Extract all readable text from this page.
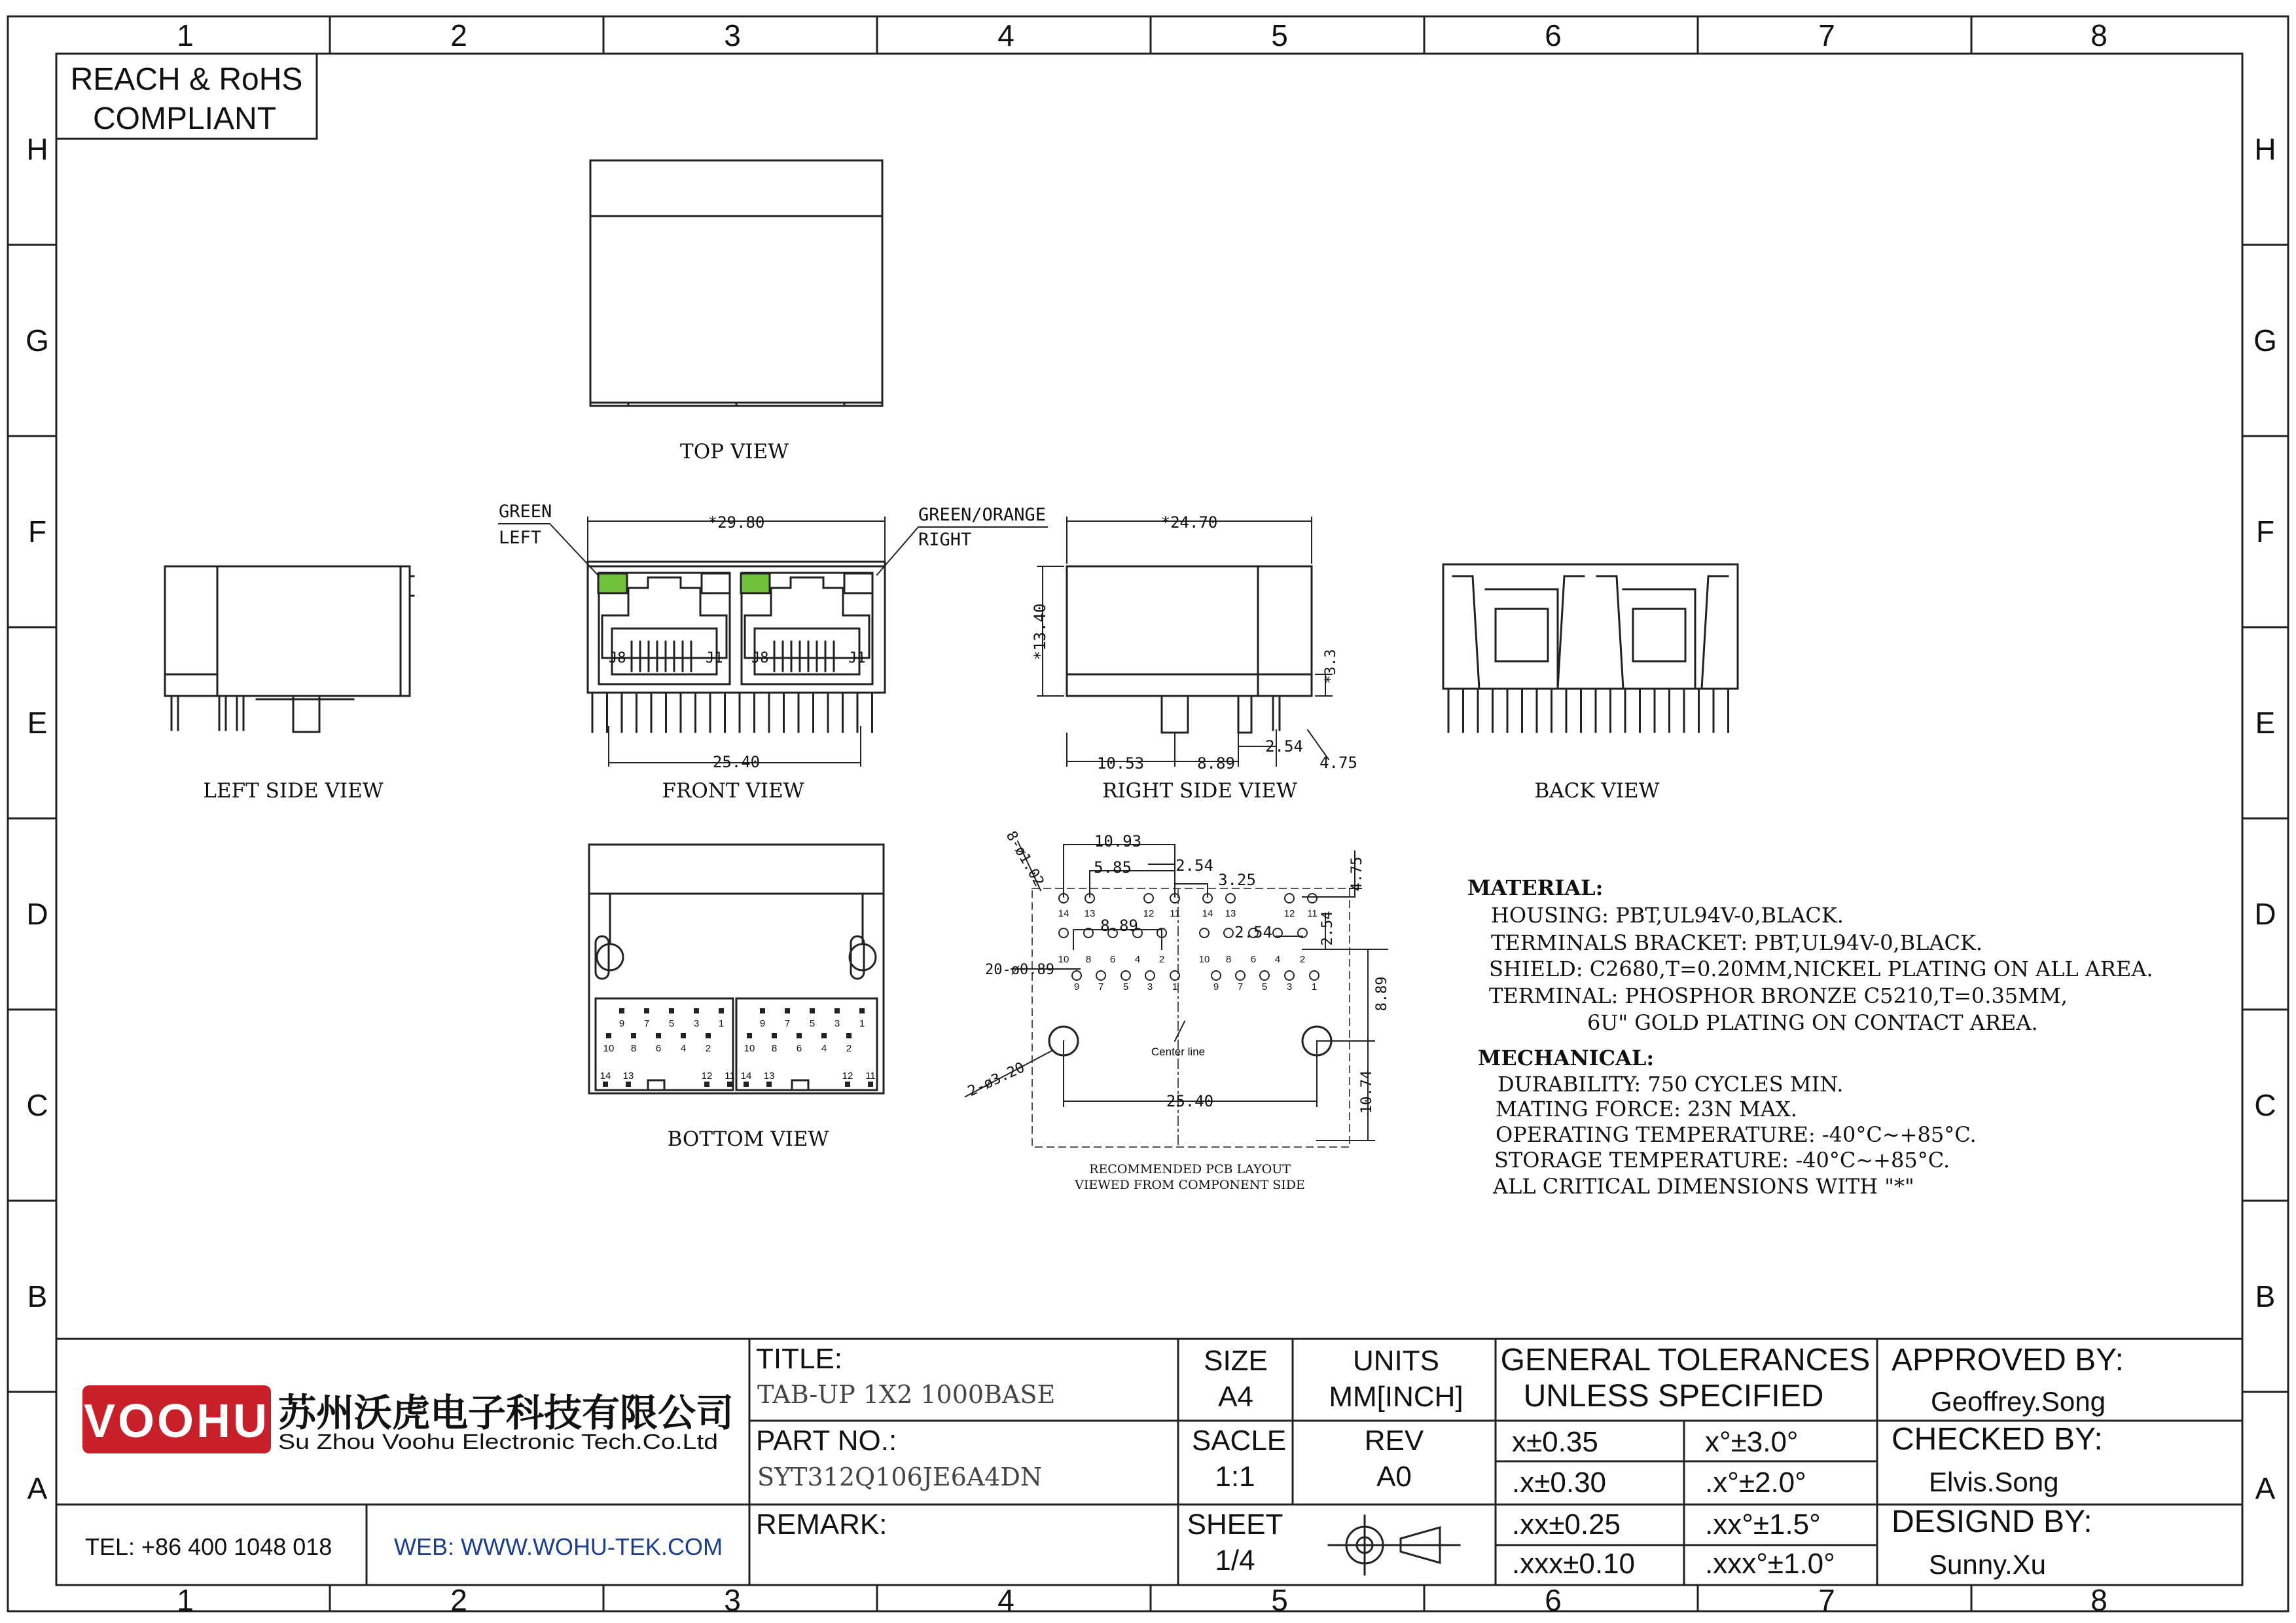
REACH & RoHS
COMPLIANT
TOP VIEW
LEFT SIDE VIEW
J8	J1 J8	J1
GREEN
LEFT
GREEN/ORANGE
RIGHT
*29.80
25.40
FRONT VIEW
*24.70
*13.40
*3.3
10.53	8.89
2.54
4.75
RIGHT SIDE VIEW	BACK VIEW
BOTTOM VIEW
10.93
5.85	2.54
3.25	4.75
8.89	2.54	2.54
8.89
10.74
25.40
8-ø1.02
20-ø0.89
2-ø3.20
Center line
RECOMMENDED PCB LAYOUT
VIEWED FROM COMPONENT SIDE
MATERIAL:
HOUSING: PBT,UL94V-0,BLACK.
TERMINALS BRACKET: PBT,UL94V-0,BLACK.
SHIELD: C2680,T=0.20MM,NICKEL PLATING ON ALL AREA.
TERMINAL: PHOSPHOR BRONZE C5210,T=0.35MM,
6U" GOLD PLATING ON CONTACT AREA.
MECHANICAL:
DURABILITY: 750 CYCLES MIN.
MATING FORCE: 23N MAX.
OPERATING TEMPERATURE: -40°C~+85°C.
STORAGE TEMPERATURE: -40°C~+85°C.
ALL CRITICAL DIMENSIONS WITH "*"
VOOHU 苏州沃虎电子科技有限公司
Su Zhou Voohu Electronic Tech.Co.Ltd
TEL: +86 400 1048 018	WEB: WWW.WOHU-TEK.COM
TITLE:
TAB-UP 1X2 1000BASE
PART NO.:
SYT312Q106JE6A4DN
REMARK:
SIZE
A4
SACLE
1:1
SHEET
1/4
UNITS
MM[INCH]
REV
A0
GENERAL TOLERANCES
UNLESS SPECIFIED
x±0.35	x°±3.0°
.x±0.30	.x°±2.0°
.xx±0.25	.xx°±1.5°
.xxx±0.10 .xxx°±1.0°
APPROVED BY:
Geoffrey.Song
CHECKED BY:
Elvis.Song
DESIGND BY:
Sunny.Xu
1
1
2
2
3
3
4
4
5
5
6
6
7
7
8
8
H	H
G	G
F	F
E	E
D	D
C	C
B	B
A	A
9 7 5 3 1
10 8 6 4 2
14 13	12 11
9 7 5 3 1
10 8 6 4 2
14 13	12 11
14 13	12 11 14 13	12 11
10 8 6 4 2
9 7 5 3 1
10 8 6 4 2
9 7 5 3 1
